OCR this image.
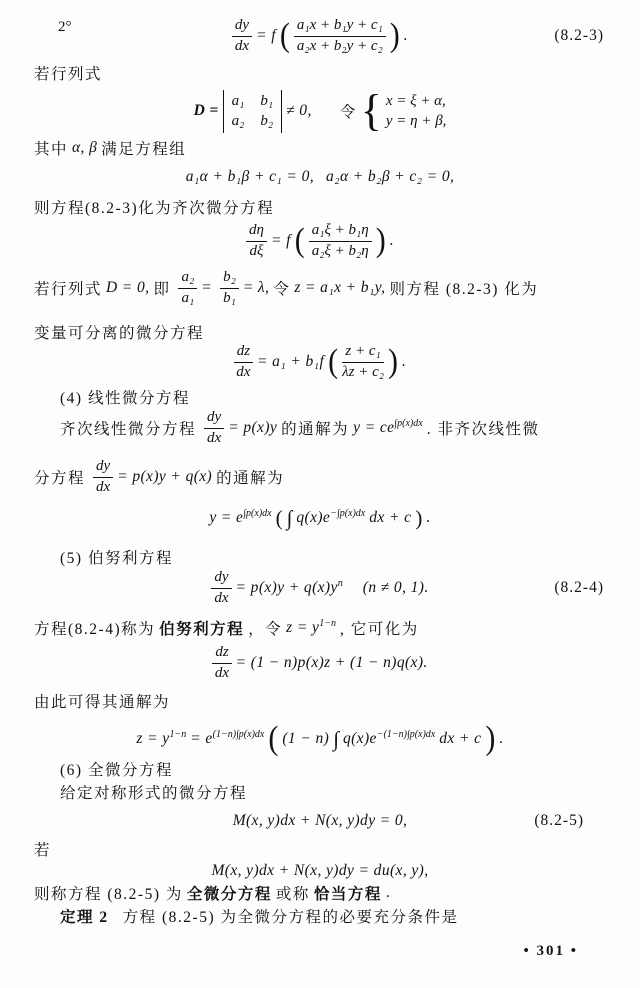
2°	$\frac{dy}{dx} = f$ ( $\frac{\text{a₁x + b₁y + c₁}}{\text{a₂x + b₂y + c₂}}$ ) .	(8.2-3)
若行列式
D =
a₁ b₁
a₂ b₂
≠ 0, 令 { x = ξ + α,
y = η + β,
其中 α, β 满足方程组
a₁α + b₁β + c₁ = 0, a₂α + b₂β + c₂ = 0,
则方程(8.2-3)化为齐次微分方程
$\frac{d\eta}{d\xi} = f$ ( $\frac{\text{a₁ξ + b₁η}}{\text{a₂ξ + b₂η}}$ ) .
若行列式 D = 0, 即 $\frac{\text{a₂}}{\text{a₁}} = \frac{\text{b₂}}{\text{b₁}} = \lambda$, 令 z = a₁x + b₁y, 则方程 (8.2-3) 化为
变量可分离的微分方程
$\frac{dz}{dx} = a_1 + b_1f$ ( $\frac{\text{z + c₁}}{\text{λz + c₂}}$ ) .
(4) 线性微分方程
齐次线性微分方程 $\frac{dy}{dx} = p(x)y$ 的通解为 $y = ce^{\int p(x)dx}$ . 非齐次线性微
分方程 $\frac{dy}{dx} = p(x)y + q(x)$ 的通解为
$y = e^{\int p(x)dx}$ ( ∫ $q(x)e^{-\int p(x)dx}$ dx + c ) .
(5) 伯努利方程
$\frac{dy}{dx} = p(x)y + q(x)y^n$ (n ≠ 0, 1).	(8.2-4)
方程(8.2-4)称为 伯努利方程 ，令 $z = y^{1-n}$ , 它可化为
$\frac{dz}{dx} = (1 - n)p(x)z + (1 - n)q(x)$.
由此可得其通解为
$z = y^{1-n} = e^{(1-n)\int p(x)dx}$ ( (1 − n) ∫ $q(x)e^{-(1-n)\int p(x)dx}$ dx + c ) .
(6) 全微分方程
给定对称形式的微分方程
M(x, y)dx + N(x, y)dy = 0,	(8.2-5)
若
M(x, y)dx + N(x, y)dy = du(x, y),
则称方程 (8.2-5) 为 全微分方程 或称 恰当方程 .
定理 2 方程 (8.2-5) 为全微分方程的必要充分条件是
• 301 •
